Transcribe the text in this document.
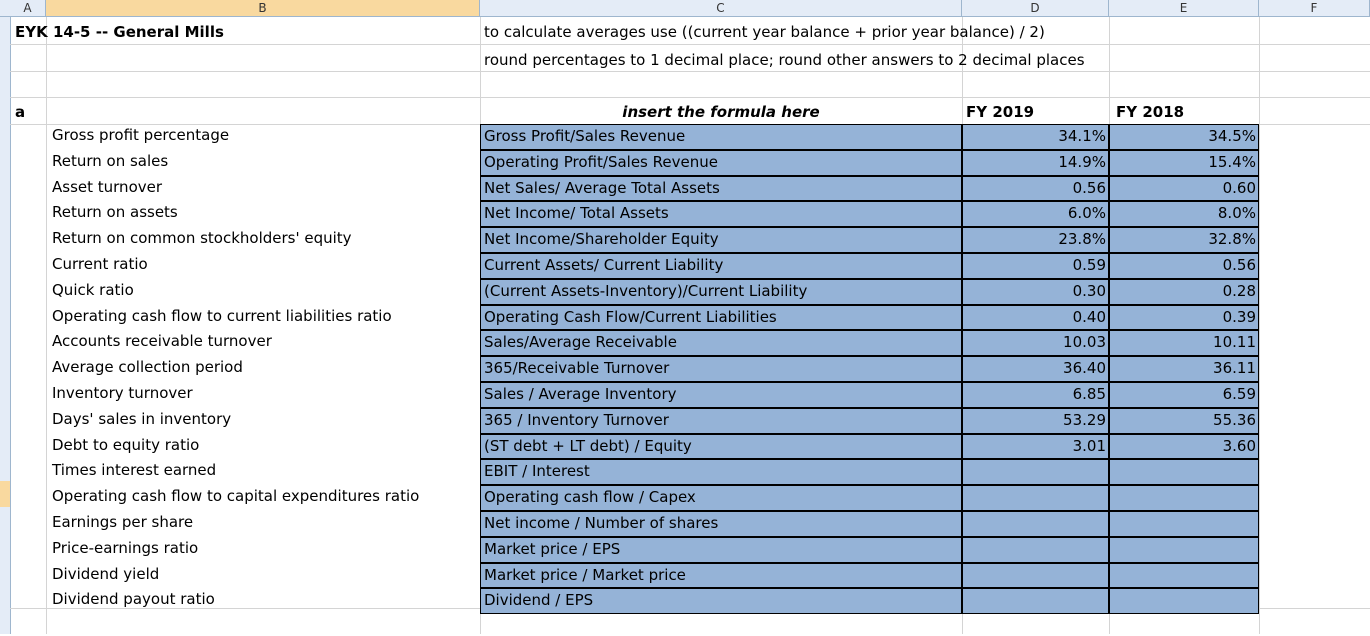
A	B	C	D	E	F
EYK 14-5 -- General Mills	to calculate averages use ((current year balance + prior year balance) / 2)
round percentages to 1 decimal place; round other answers to 2 decimal places
a	insert the formula here	FY 2019	FY 2018
Gross profit percentage	Gross Profit/Sales Revenue	34.1%	34.5%
Return on sales	Operating Profit/Sales Revenue	14.9%	15.4%
Asset turnover	Net Sales/ Average Total Assets	0.56	0.60
Return on assets	Net Income/ Total Assets	6.0%	8.0%
Return on common stockholders' equity	Net Income/Shareholder Equity	23.8%	32.8%
Current ratio	Current Assets/ Current Liability	0.59	0.56
Quick ratio	(Current Assets-Inventory)/Current Liability	0.30	0.28
Operating cash flow to current liabilities ratio	Operating Cash Flow/Current Liabilities	0.40	0.39
Accounts receivable turnover	Sales/Average Receivable	10.03	10.11
Average collection period	365/Receivable Turnover	36.40	36.11
Inventory turnover	Sales / Average Inventory	6.85	6.59
Days' sales in inventory	365 / Inventory Turnover	53.29	55.36
Debt to equity ratio	(ST debt + LT debt) / Equity	3.01	3.60
Times interest earned	EBIT / Interest
Operating cash flow to capital expenditures ratio	Operating cash flow / Capex
Earnings per share	Net income / Number of shares
Price-earnings ratio	Market price / EPS
Dividend yield	Market price / Market price
Dividend payout ratio	Dividend / EPS
